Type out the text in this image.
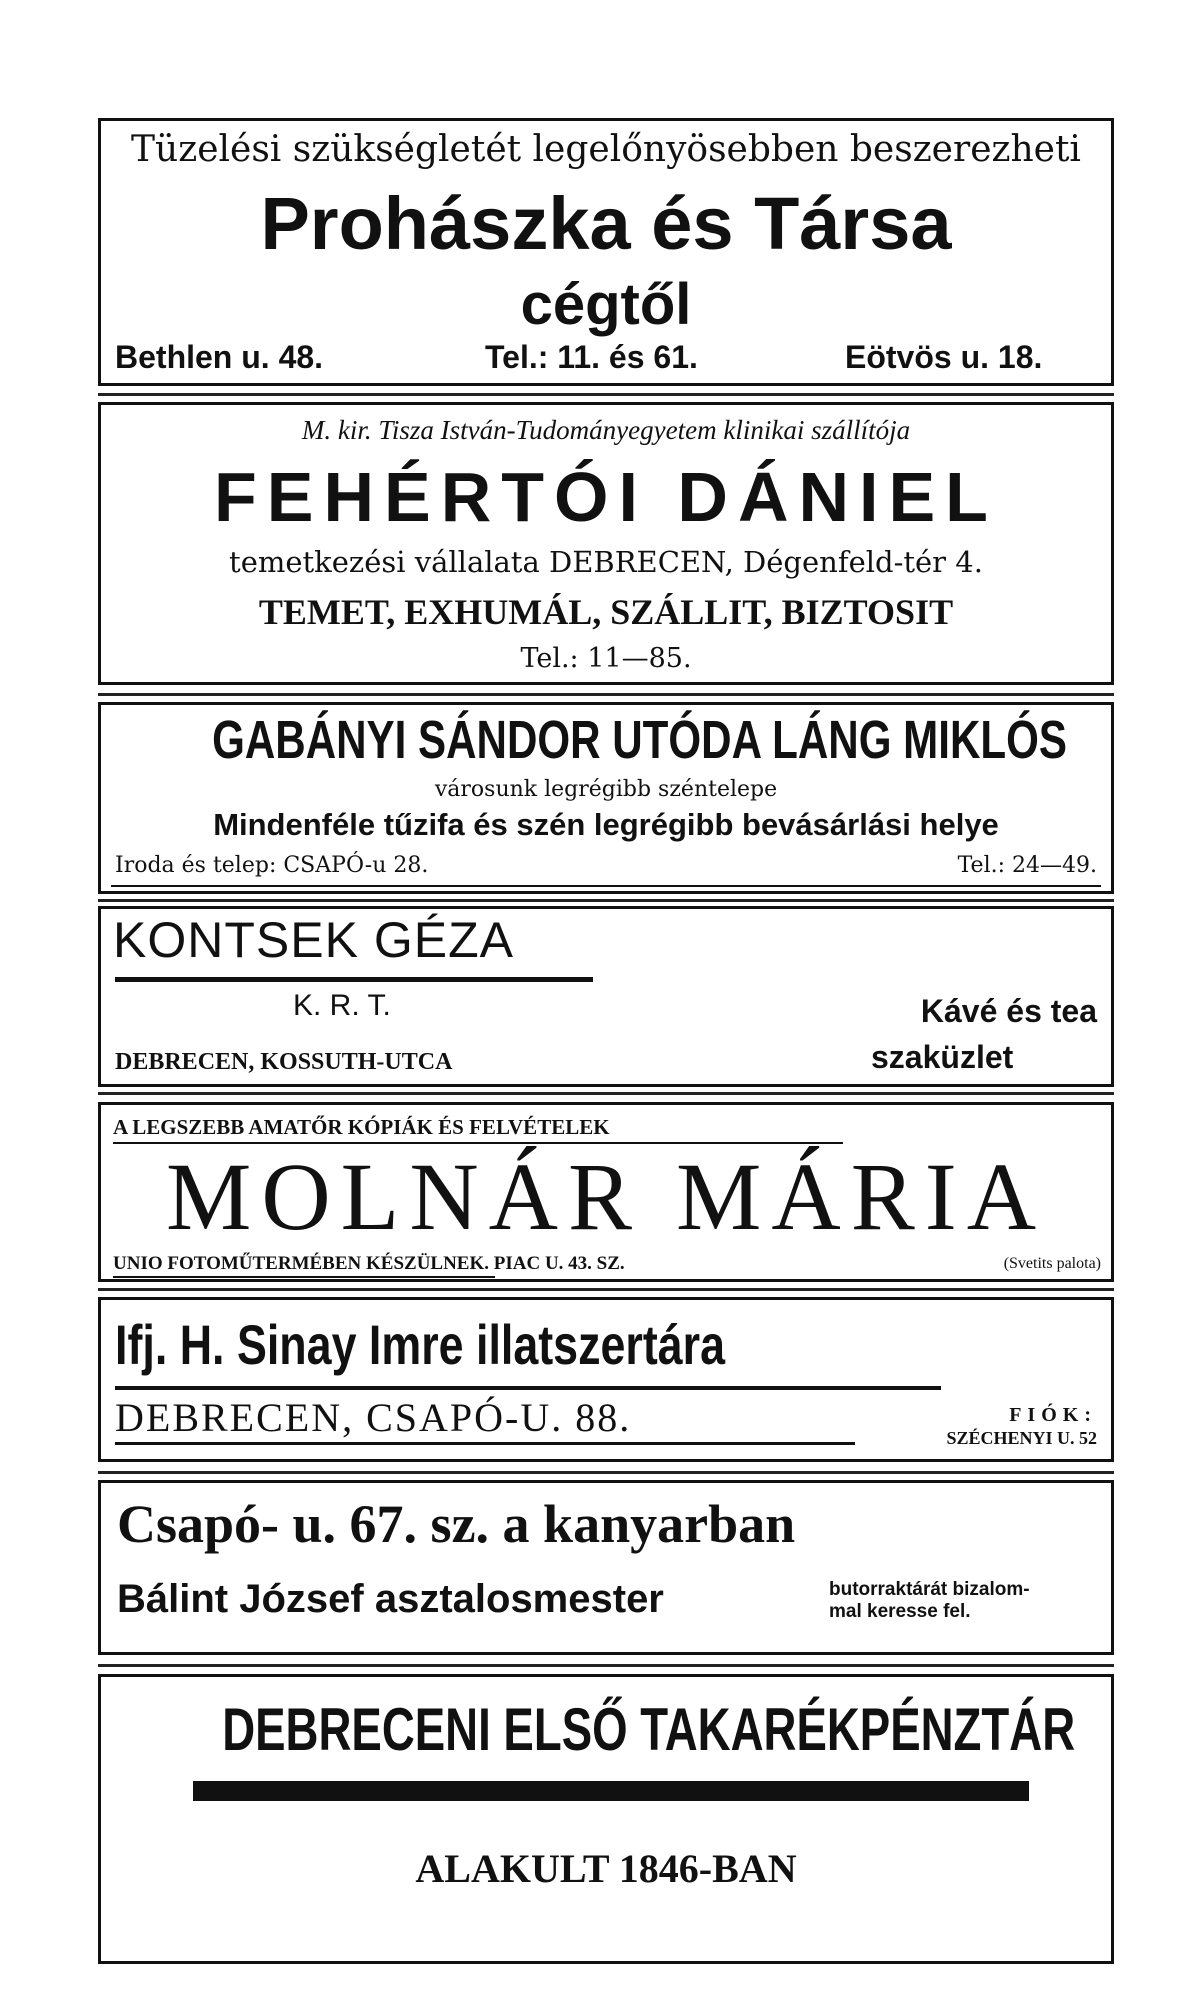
Tüzelési szükségletét legelőnyösebben beszerezheti
Prohászka és Társa
cégtől
Bethlen u. 48.	Tel.: 11. és 61.	Eötvös u. 18.
M. kir. Tisza István-Tudományegyetem klinikai szállítója
FEHÉRTÓI DÁNIEL
temetkezési vállalata DEBRECEN, Dégenfeld-tér 4.
TEMET, EXHUMÁL, SZÁLLIT, BIZTOSIT
Tel.: 11—85.
GABÁNYI SÁNDOR UTÓDA LÁNG MIKLÓS
városunk legrégibb széntelepe
Mindenféle tűzifa és szén legrégibb bevásárlási helye
Iroda és telep: CSAPÓ-u 28.	Tel.: 24—49.
KONTSEK GÉZA
K. R. T.	Kávé és tea
DEBRECEN, KOSSUTH-UTCA	szaküzlet
A LEGSZEBB AMATŐR KÓPIÁK ÉS FELVÉTELEK
MOLNÁR MÁRIA
UNIO FOTOMŰTERMÉBEN KÉSZÜLNEK. PIAC U. 43. SZ.	(Svetits palota)
Ifj. H. Sinay Imre illatszertára
DEBRECEN, CSAPÓ-U. 88.	FIÓK:
SZÉCHENYI U. 52
Csapó- u. 67. sz. a kanyarban
Bálint József asztalosmester	butorraktárát bizalom-
mal keresse fel.
DEBRECENI ELSŐ TAKARÉKPÉNZTÁR
ALAKULT 1846-BAN
